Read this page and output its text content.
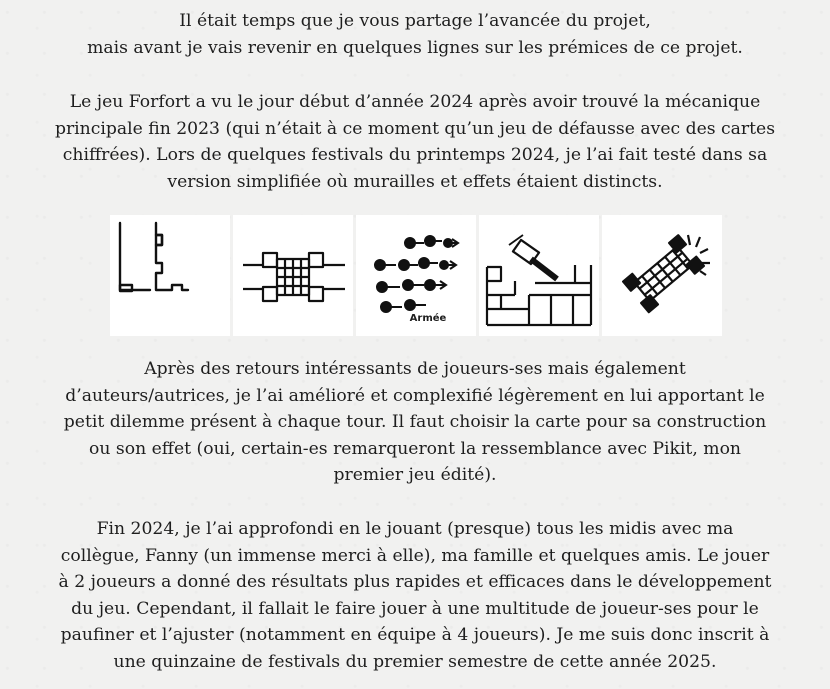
Il était temps que je vous partage l’avancée du projet,
mais avant je vais revenir en quelques lignes sur les prémices de ce projet.

Le jeu Forfort a vu le jour début d’année 2024 après avoir trouvé la mécanique
principale fin 2023 (qui n’était à ce moment qu’un jeu de défausse avec des cartes
chiffrées). Lors de quelques festivals du printemps 2024, je l’ai fait testé dans sa
version simplifiée où murailles et effets étaient distincts.

Armée

Après des retours intéressants de joueurs-ses mais également
d’auteurs/autrices, je l’ai amélioré et complexifié légèrement en lui apportant le
petit dilemme présent à chaque tour. Il faut choisir la carte pour sa construction
ou son effet (oui, certain-es remarqueront la ressemblance avec Pikit, mon
premier jeu édité).

Fin 2024, je l’ai approfondi en le jouant (presque) tous les midis avec ma
collègue, Fanny (un immense merci à elle), ma famille et quelques amis. Le jouer
à 2 joueurs a donné des résultats plus rapides et efficaces dans le développement
du jeu. Cependant, il fallait le faire jouer à une multitude de joueur-ses pour le
paufiner et l’ajuster (notamment en équipe à 4 joueurs). Je me suis donc inscrit à
une quinzaine de festivals du premier semestre de cette année 2025.
